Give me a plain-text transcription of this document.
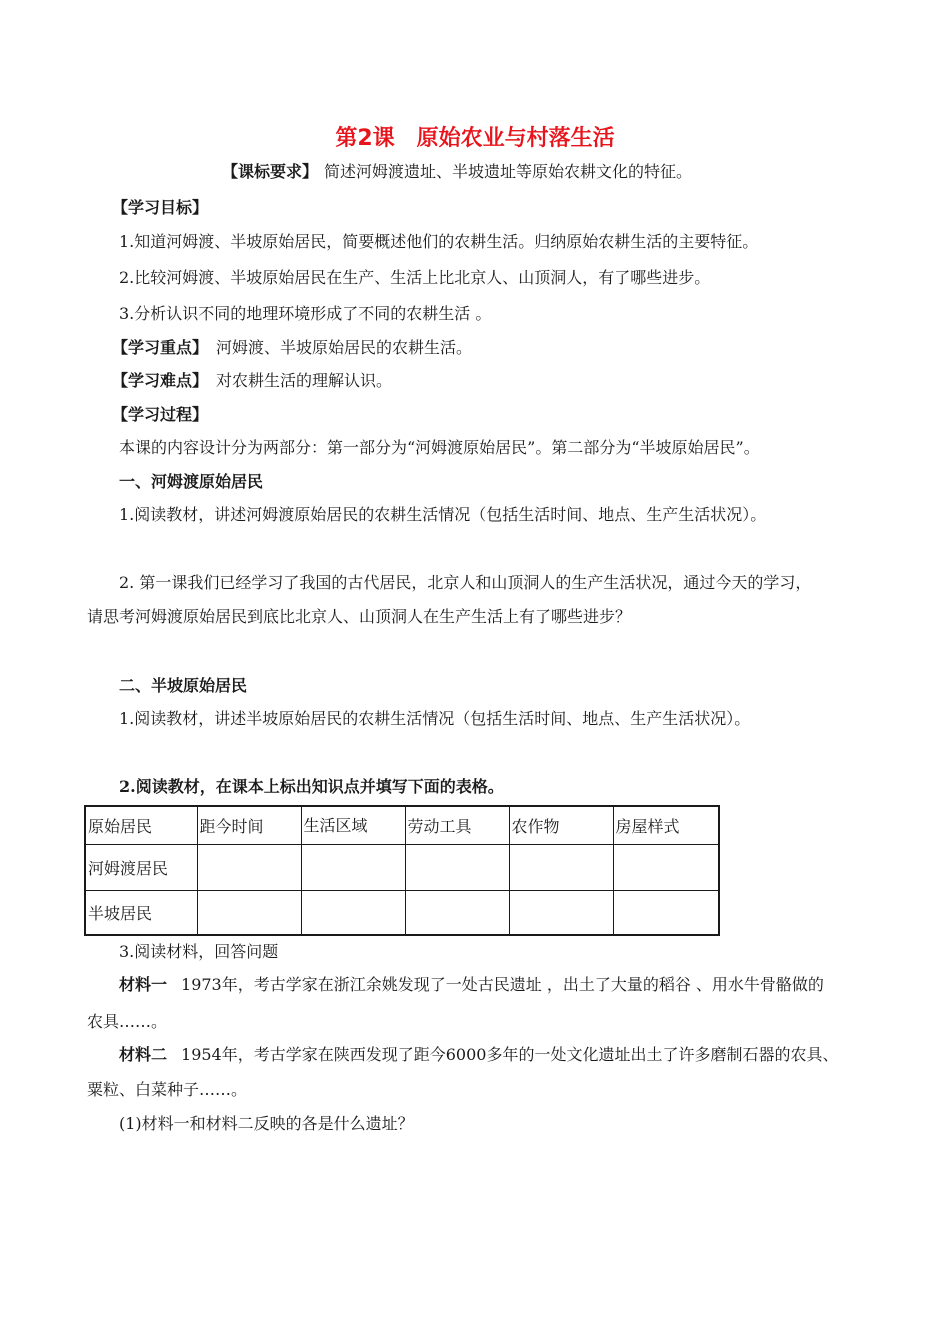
第2课　原始农业与村落生活
【课标要求】 简述河姆渡遗址、半坡遗址等原始农耕文化的特征。
【学习目标】
1.知道河姆渡、半坡原始居民，简要概述他们的农耕生活。归纳原始农耕生活的主要特征。
2.比较河姆渡、半坡原始居民在生产、生活上比北京人、山顶洞人，有了哪些进步。
3.分析认识不同的地理环境形成了不同的农耕生活 。
【学习重点】 河姆渡、半坡原始居民的农耕生活。
【学习难点】 对农耕生活的理解认识。
【学习过程】
本课的内容设计分为两部分：第一部分为“河姆渡原始居民”。第二部分为“半坡原始居民”。
一、河姆渡原始居民
1.阅读教材，讲述河姆渡原始居民的农耕生活情况（包括生活时间、地点、生产生活状况）。
2. 第一课我们已经学习了我国的古代居民，北京人和山顶洞人的生产生活状况，通过今天的学习，
请思考河姆渡原始居民到底比北京人、山顶洞人在生产生活上有了哪些进步？
二、半坡原始居民
1.阅读教材，讲述半坡原始居民的农耕生活情况（包括生活时间、地点、生产生活状况）。
2.阅读教材，在课本上标出知识点并填写下面的表格。
原始居民	距今时间	生活区域	劳动工具	农作物	房屋样式
河姆渡居民					
半坡居民					
3.阅读材料，回答问题
材料一 1973年，考古学家在浙江余姚发现了一处古民遗址 ，出土了大量的稻谷 、用水牛骨骼做的
农具……。
材料二 1954年，考古学家在陕西发现了距今6000多年的一处文化遗址出土了许多磨制石器的农具、
粟粒、白菜种子……。
(1)材料一和材料二反映的各是什么遗址？
